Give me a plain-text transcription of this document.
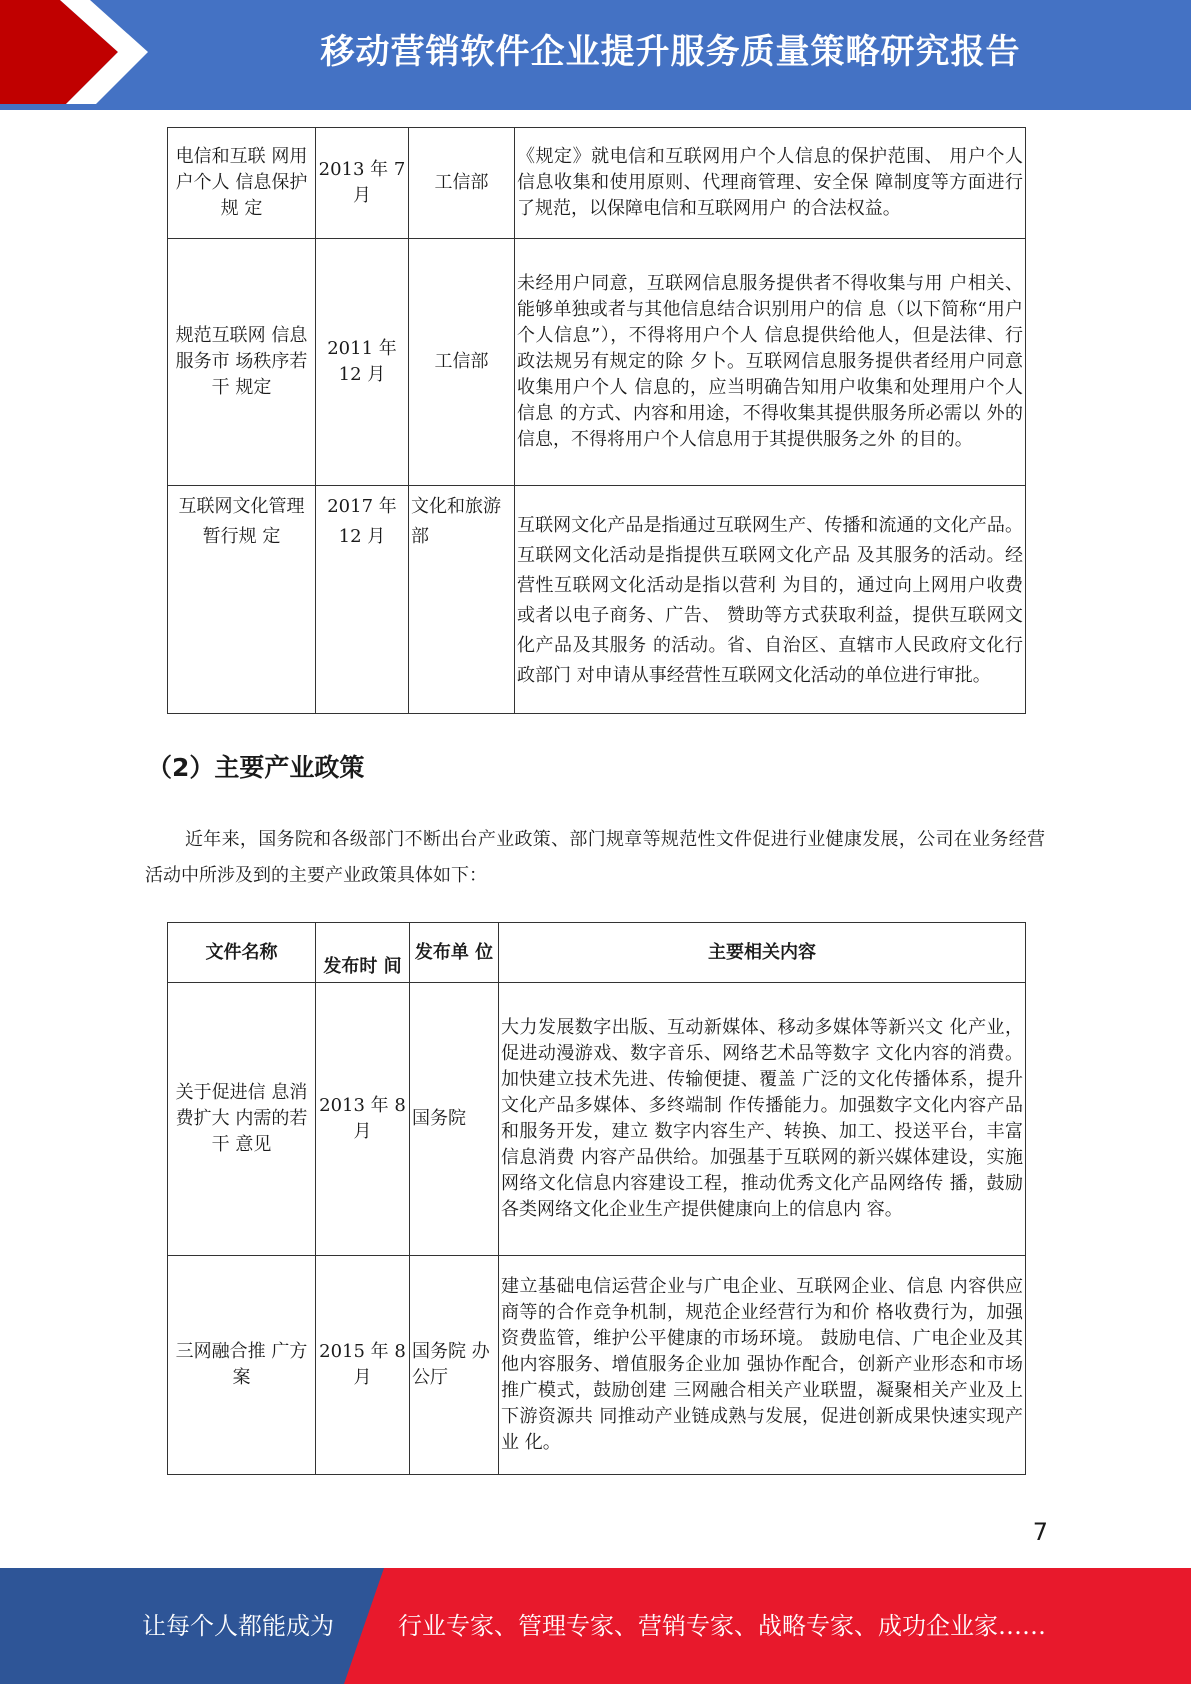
移动营销软件企业提升服务质量策略研究报告
电信和互联 网用户个人 信息保护规 定	2013 年 7月	工信部	《规定》就电信和互联网用户个人信息的保护范围、 用户个人信息收集和使用原则、代理商管理、安全保 障制度等方面进行了规范，以保障电信和互联网用户 的合法权益。
规范互联网 信息服务市 场秩序若干 规定	2011 年 12 月	工信部	未经用户同意，互联网信息服务提供者不得收集与用 户相关、能够单独或者与其他信息结合识别用户的信 息（以下简称“用户个人信息”），不得将用户个人 信息提供给他人，但是法律、行政法规另有规定的除 夕卜。互联网信息服务提供者经用户同意收集用户个人 信息的，应当明确告知用户收集和处理用户个人信息 的方式、内容和用途，不得收集其提供服务所必需以 外的信息，不得将用户个人信息用于其提供服务之外 的目的。
互联网文化管理暂行规 定	2017 年 12 月	文化和旅游部	互联网文化产品是指通过互联网生产、传播和流通的文化产品。互联网文化活动是指提供互联网文化产品 及其服务的活动。经营性互联网文化活动是指以营利 为目的，通过向上网用户收费或者以电子商务、广告、 赞助等方式获取利益，提供互联网文化产品及其服务 的活动。省、自治区、直辖市人民政府文化行政部门 对申请从事经营性互联网文化活动的单位进行审批。
（2）主要产业政策
近年来，国务院和各级部门不断出台产业政策、部门规章等规范性文件促进行业健康发展，公司在业务经营活动中所涉及到的主要产业政策具体如下：
文件名称	发布时 间	发布单 位	主要相关内容
关于促进信 息消费扩大 内需的若干 意见	2013 年 8月	国务院	大力发展数字出版、互动新媒体、移动多媒体等新兴文 化产业，促进动漫游戏、数字音乐、网络艺术品等数字 文化内容的消费。加快建立技术先进、传输便捷、覆盖 广泛的文化传播体系，提升文化产品多媒体、多终端制 作传播能力。加强数字文化内容产品和服务开发，建立 数字内容生产、转换、加工、投送平台，丰富信息消费 内容产品供给。加强基于互联网的新兴媒体建设，实施 网络文化信息内容建设工程，推动优秀文化产品网络传 播，鼓励各类网络文化企业生产提供健康向上的信息内 容。
三网融合推 广方案	2015 年 8月	国务院 办公厅	建立基础电信运营企业与广电企业、互联网企业、信息 内容供应商等的合作竞争机制，规范企业经营行为和价 格收费行为，加强资费监管，维护公平健康的市场环境。 鼓励电信、广电企业及其他内容服务、增值服务企业加 强协作配合，创新产业形态和市场推广模式，鼓励创建 三网融合相关产业联盟，凝聚相关产业及上下游资源共 同推动产业链成熟与发展，促进创新成果快速实现产业 化。
7
让每个人都能成为	行业专家、管理专家、营销专家、战略专家、成功企业家……
